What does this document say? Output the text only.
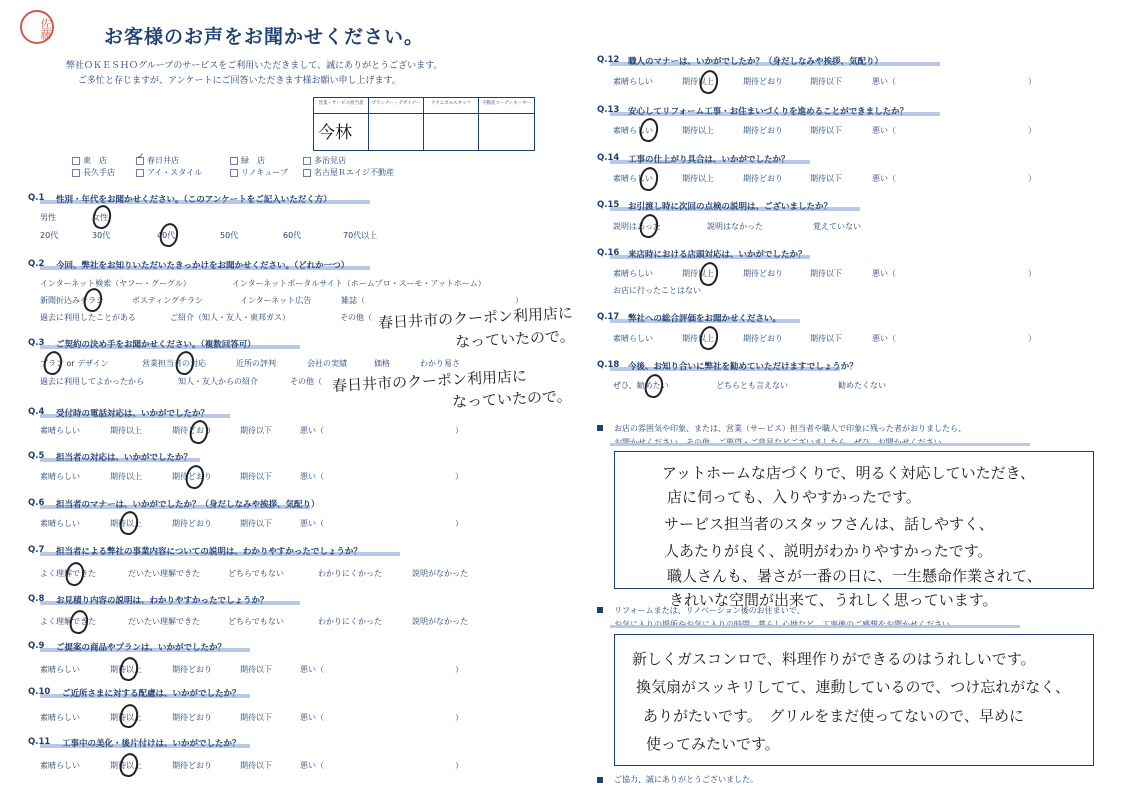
佐藤	お客様のお声をお聞かせください。
弊社ＯＫＥＳＨＯグループのサービスをご利用いただきまして、誠にありがとうございます。
ご多忙と存じますが、アンケートにご回答いただきます様お願い申し上げます。
営業・サービス担当者	プランナー・デザイナー	テクニカルスタッフ	不動産コーディネーター
今林
東　店	✓ 春日井店	緑　店	多治見店
長久手店	アイ・スタイル	リノキューブ	名古屋Ｒエイジ不動産
Q.1 性別・年代をお聞かせください。（このアンケートをご記入いただく方）
男性	女性
20代	30代	40代	50代	60代	70代以上
Q.2 今回、弊社をお知りいただいたきっかけをお聞かせください。（どれか一つ）
インターネット検索（ヤフー・グーグル）	インターネットポータルサイト（ホームプロ・スーモ・アットホーム）
新聞折込みチラシ	ポスティングチラシ	インターネット広告	雑誌（	）
過去に利用したことがある	ご紹介（知人・友人・東邦ガス）	その他（ 春日井市のクーポン利用店に
なっていたので。
Q.3 ご契約の決め手をお聞かせください。（複数回答可）
プラン or デザイン	営業担当者の対応	近所の評判	会社の実績	価格	わかり易さ
過去に利用してよかったから	知人・友人からの紹介	その他（ 春日井市のクーポン利用店に
なっていたので。
Q.4 受付時の電話対応は、いかがでしたか？
素晴らしい	期待以上	期待どおり	期待以下	悪い（	）
Q.5 担当者の対応は、いかがでしたか？
素晴らしい	期待以上	期待どおり	期待以下	悪い（	）
Q.6 担当者のマナーは、いかがでしたか？（身だしなみや挨拶、気配り）
素晴らしい	期待以上	期待どおり	期待以下	悪い（	）
Q.7 担当者による弊社の事業内容についての説明は、わかりやすかったでしょうか？
よく理解できた	だいたい理解できた	どちらでもない	わかりにくかった	説明がなかった
Q.8 お見積り内容の説明は、わかりやすかったでしょうか？
よく理解できた	だいたい理解できた	どちらでもない	わかりにくかった	説明がなかった
Q.9 ご提案の商品やプランは、いかがでしたか？
素晴らしい	期待以上	期待どおり	期待以下	悪い（	）
Q.10 ご近所さまに対する配慮は、いかがでしたか？
素晴らしい	期待以上	期待どおり	期待以下	悪い（	）
Q.11 工事中の美化・後片付けは、いかがでしたか？
素晴らしい	期待以上	期待どおり	期待以下	悪い（	）
Q.12 職人のマナーは、いかがでしたか？（身だしなみや挨拶、気配り）
素晴らしい	期待以上	期待どおり	期待以下	悪い（	）
Q.13 安心してリフォーム工事・お住まいづくりを進めることができましたか？
素晴らしい	期待以上	期待どおり	期待以下	悪い（	）
Q.14 工事の仕上がり具合は、いかがでしたか？
素晴らしい	期待以上	期待どおり	期待以下	悪い（	）
Q.15 お引渡し時に次回の点検の説明は、ございましたか？
説明はあった	説明はなかった	覚えていない
Q.16 来店時における店頭対応は、いかがでしたか？
素晴らしい	期待以上	期待どおり	期待以下	悪い（	）
お店に行ったことはない
Q.17 弊社への総合評価をお聞かせください。
素晴らしい	期待以上	期待どおり	期待以下	悪い（	）
Q.18 今後、お知り合いに弊社を勧めていただけますでしょうか？
ぜひ、勧めたい	どちらとも言えない	勧めたくない
お店の雰囲気や印象、または、営業（サービス）担当者や職人で印象に残った者がおりましたら、
アットホームな店づくりで、明るく対応していただき、
店に伺っても、入りやすかったです。
サービス担当者のスタッフさんは、話しやすく、
人あたりが良く、説明がわかりやすかったです。
職人さんも、暑さが一番の日に、一生懸命作業されて、
きれいな空間が出来て、うれしく思っています。
リフォームまたは、リノベーション後のお住まいで、
新しくガスコンロで、料理作りができるのはうれしいです。
換気扇がスッキリしてて、連動しているので、つけ忘れがなく、
ありがたいです。　グリルをまだ使ってないので、早めに
使ってみたいです。
ご協力、誠にありがとうございました。
